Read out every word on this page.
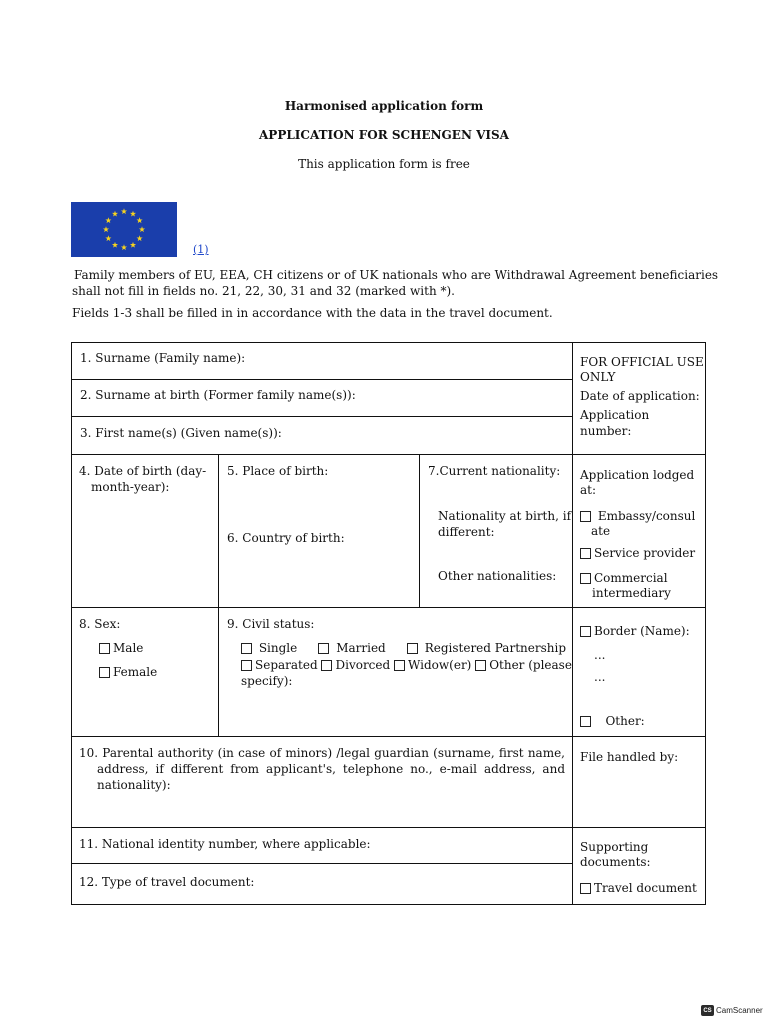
Harmonised application form
APPLICATION FOR SCHENGEN VISA
This application form is free
(1)
Family members of EU, EEA, CH citizens or of UK nationals who are Withdrawal Agreement beneficiaries
shall not fill in fields no. 21, 22, 30, 31 and 32 (marked with *).
Fields 1-3 shall be filled in in accordance with the data in the travel document.
1. Surname (Family name):
2. Surname at birth (Former family name(s)):
3. First name(s) (Given name(s)):
4. Date of birth (day-
month-year):
5. Place of birth:
6. Country of birth:
7.Current nationality:
Nationality at birth, if
different:
Other nationalities:
8. Sex:
Male
Female
9. Civil status:
Single	Married	Registered Partnership
Separated Divorced Widow(er) Other (please
specify):
10. Parental authority (in case of minors) /legal guardian (surname, first name,
address, if different from applicant's, telephone no., e-mail address, and
nationality):
11. National identity number, where applicable:
12. Type of travel document:
FOR OFFICIAL USE
ONLY
Date of application:
Application
number:
Application lodged
at:
Embassy/consul
ate
Service provider
Commercial
intermediary
Border (Name):
...
...
Other:
File handled by:
Supporting
documents:
Travel document
CS CamScanner
